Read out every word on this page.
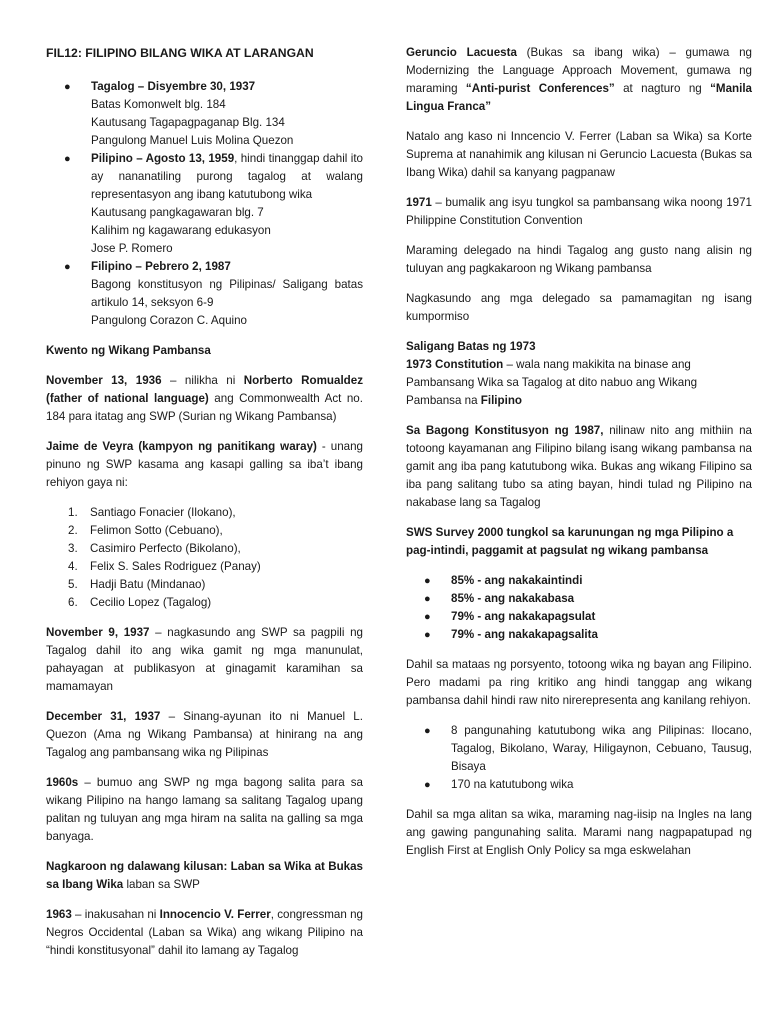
FIL12: FILIPINO BILANG WIKA AT LARANGAN
● Tagalog – Disyembre 30, 1937
Batas Komonwelt blg. 184
Kautusang Tagapagpaganap Blg. 134
Pangulong Manuel Luis Molina Quezon
● Pilipino – Agosto 13, 1959, hindi tinanggap dahil ito ay nananatiling purong tagalog at walang representasyon ang ibang katutubong wika
Kautusang pangkagawaran blg. 7
Kalihim ng kagawarang edukasyon
Jose P. Romero
● Filipino – Pebrero 2, 1987
Bagong konstitusyon ng Pilipinas/ Saligang batas artikulo 14, seksyon 6-9
Pangulong Corazon C. Aquino

Kwento ng Wikang Pambansa

November 13, 1936 – nilikha ni Norberto Romualdez (father of national language) ang Commonwealth Act no. 184 para itatag ang SWP (Surian ng Wikang Pambansa)

Jaime de Veyra (kampyon ng panitikang waray) - unang pinuno ng SWP kasama ang kasapi galling sa iba’t ibang rehiyon gaya ni:

1. Santiago Fonacier (Ilokano),
2. Felimon Sotto (Cebuano),
3. Casimiro Perfecto (Bikolano),
4. Felix S. Sales Rodriguez (Panay)
5. Hadji Batu (Mindanao)
6. Cecilio Lopez (Tagalog)

November 9, 1937 – nagkasundo ang SWP sa pagpili ng Tagalog dahil ito ang wika gamit ng mga manunulat, pahayagan at publikasyon at ginagamit karamihan sa mamamayan

December 31, 1937 – Sinang-ayunan ito ni Manuel L. Quezon (Ama ng Wikang Pambansa) at hinirang na ang Tagalog ang pambansang wika ng Pilipinas

1960s – bumuo ang SWP ng mga bagong salita para sa wikang Pilipino na hango lamang sa salitang Tagalog upang palitan ng tuluyan ang mga hiram na salita na galling sa mga banyaga.

Nagkaroon ng dalawang kilusan: Laban sa Wika at Bukas sa Ibang Wika laban sa SWP

1963 – inakusahan ni Innocencio V. Ferrer, congressman ng Negros Occidental (Laban sa Wika) ang wikang Pilipino na “hindi konstitusyonal” dahil ito lamang ay Tagalog

Geruncio Lacuesta (Bukas sa ibang wika) – gumawa ng Modernizing the Language Approach Movement, gumawa ng maraming “Anti-purist Conferences” at nagturo ng “Manila Lingua Franca”

Natalo ang kaso ni Inncencio V. Ferrer (Laban sa Wika) sa Korte Suprema at nanahimik ang kilusan ni Geruncio Lacuesta (Bukas sa Ibang Wika) dahil sa kanyang pagpanaw

1971 – bumalik ang isyu tungkol sa pambansang wika noong 1971 Philippine Constitution Convention

Maraming delegado na hindi Tagalog ang gusto nang alisin ng tuluyan ang pagkakaroon ng Wikang pambansa

Nagkasundo ang mga delegado sa pamamagitan ng isang kumpormiso

Saligang Batas ng 1973

1973 Constitution – wala nang makikita na binase ang Pambansang Wika sa Tagalog at dito nabuo ang Wikang Pambansa na Filipino

Sa Bagong Konstitusyon ng 1987, nilinaw nito ang mithiin na totoong kayamanan ang Filipino bilang isang wikang pambansa na gamit ang iba pang katutubong wika. Bukas ang wikang Filipino sa iba pang salitang tubo sa ating bayan, hindi tulad ng Pilipino na nakabase lang sa Tagalog

SWS Survey 2000 tungkol sa karunungan ng mga Pilipino a pag-intindi, paggamit at pagsulat ng wikang pambansa

● 85% - ang nakakaintindi
● 85% - ang nakakabasa
● 79% - ang nakakapagsulat
● 79% - ang nakakapagsalita

Dahil sa mataas ng porsyento, totoong wika ng bayan ang Filipino. Pero madami pa ring kritiko ang hindi tanggap ang wikang pambansa dahil hindi raw nito nirerepresenta ang kanilang rehiyon.

● 8 pangunahing katutubong wika ang Pilipinas: Ilocano, Tagalog, Bikolano, Waray, Hiligaynon, Cebuano, Tausug, Bisaya
● 170 na katutubong wika

Dahil sa mga alitan sa wika, maraming nag-iisip na Ingles na lang ang gawing pangunahing salita. Marami nang nagpapatupad ng English First at English Only Policy sa mga eskwelahan
